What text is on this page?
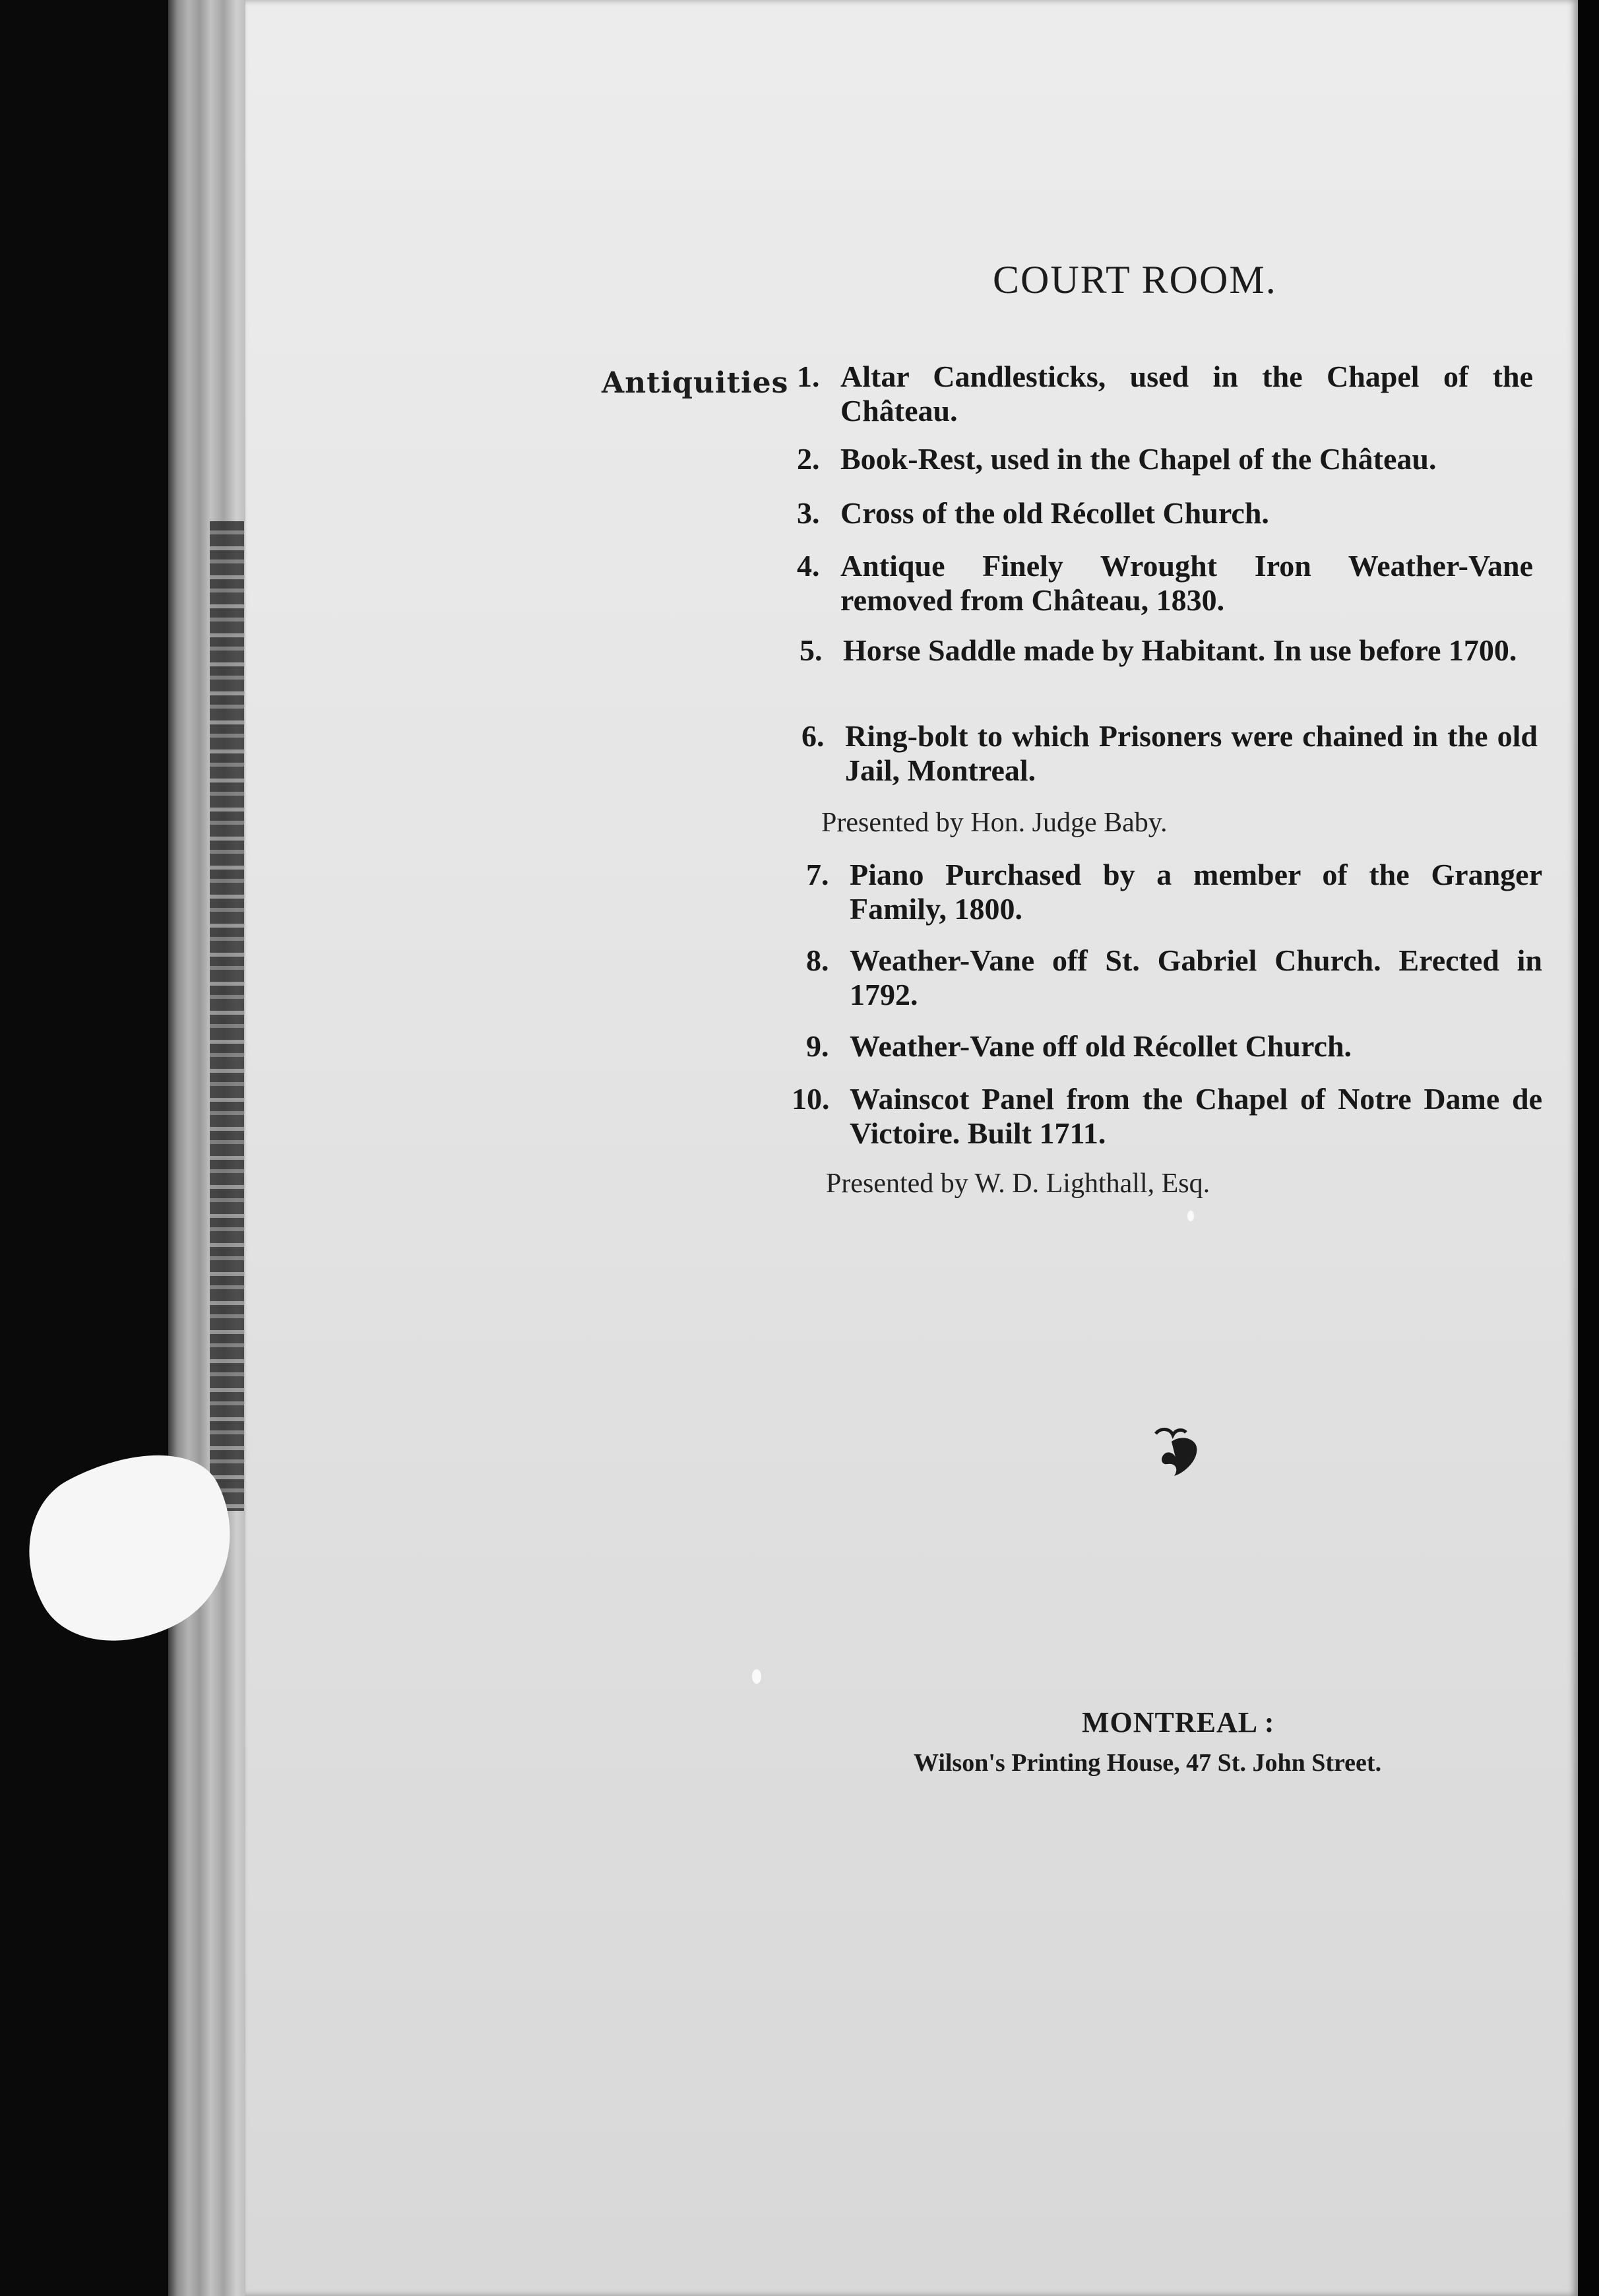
COURT ROOM.
Antiquities 1. Altar Candlesticks, used in the Chapel of the Château.
2. Book-Rest, used in the Chapel of the Château.
3. Cross of the old Récollet Church.
4. Antique Finely Wrought Iron Weather-Vane removed from Château, 1830.
5. Horse Saddle made by Habitant. In use before 1700.
6. Ring-bolt to which Prisoners were chained in the old Jail, Montreal.
Presented by Hon. Judge Baby.
7. Piano Purchased by a member of the Granger Family, 1800.
8. Weather-Vane off St. Gabriel Church. Erected in 1792.
9. Weather-Vane off old Récollet Church.
10. Wainscot Panel from the Chapel of Notre Dame de Victoire. Built 1711.
Presented by W. D. Lighthall, Esq.
MONTREAL :
Wilson's Printing House, 47 St. John Street.
